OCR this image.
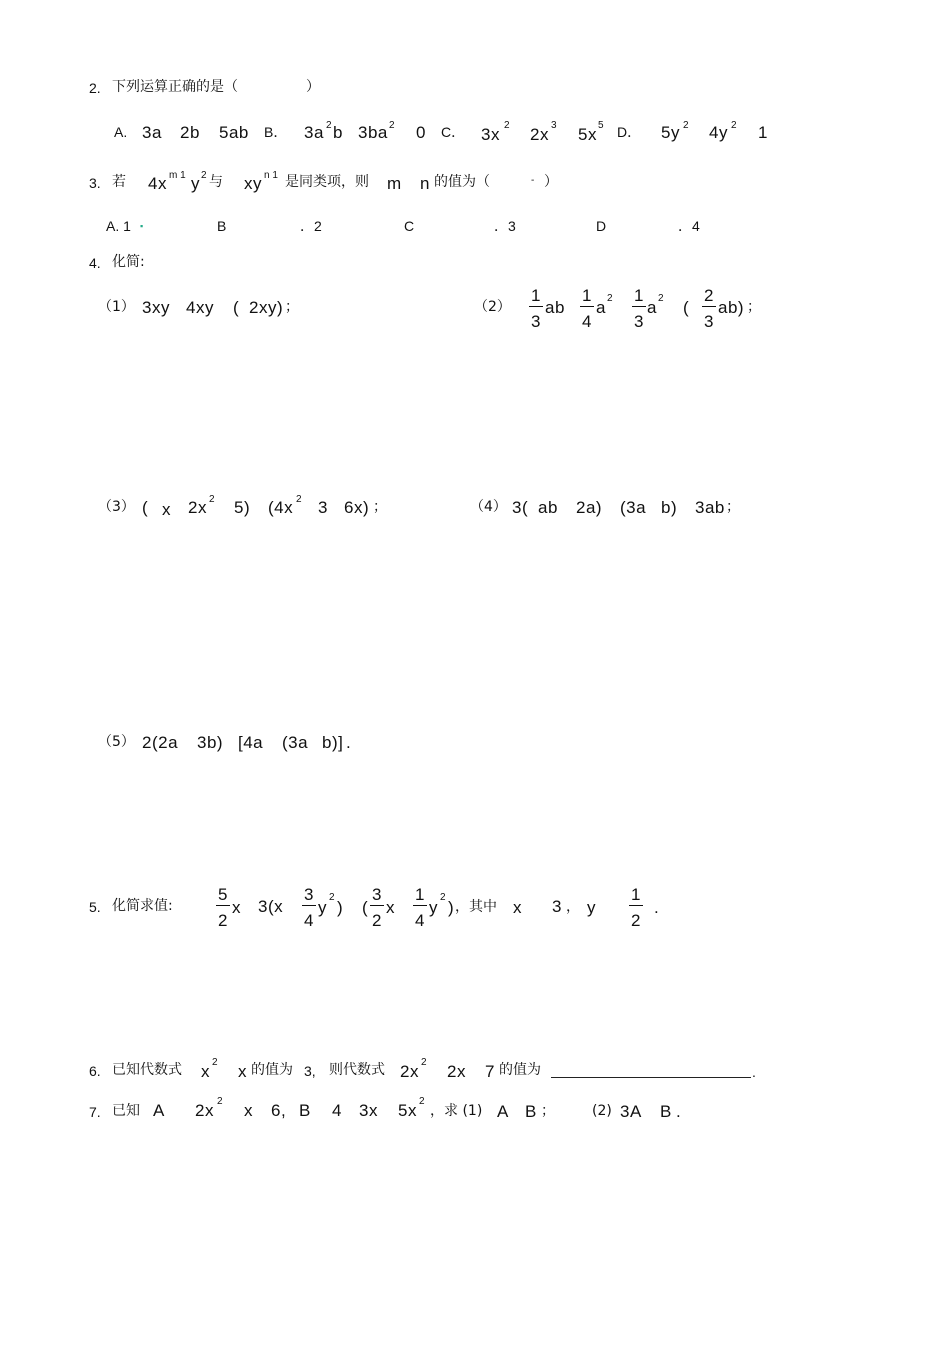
2. 下列运算正确的是（	）
A. 3a 2b 5ab B． 3a 2 b 3ba 2 0 C． 3x 2 2x 3 5x 5 D． 5y 2 4y 2 1
3. 若 4x m 1 y 2 与 xy n 1 是同类项，则 m n 的值为（	- ）
A. 1 ▪	B	．2	C	．3	D	．4
4. 化简:
（1） 3xy 4xy ( 2xy) ；	（2）
1
3
ab
1
4
a 2 1
3
a 2 (
2
3
ab) ；
（3） ( x 2x 2 5) (4x 2 3 6x) ；	（4） 3( ab 2a) (3a b) 3ab ；
（5） 2(2a 3b) [4a (3a b)] .
5. 化简求值:
5
2
x 3(x
3
4
y
2
) (
3
2
x
1
4
y
2
) ，其中 x 3 ， y
1
2
.
6. 已知代数式 x 2 x 的值为 3, 则代数式 2x 2 2x 7 的值为	.
7. 已知 A 2x 2 x 6, B 4 3x 5x 2
，求 (1) A B ；	(2) 3A B .
